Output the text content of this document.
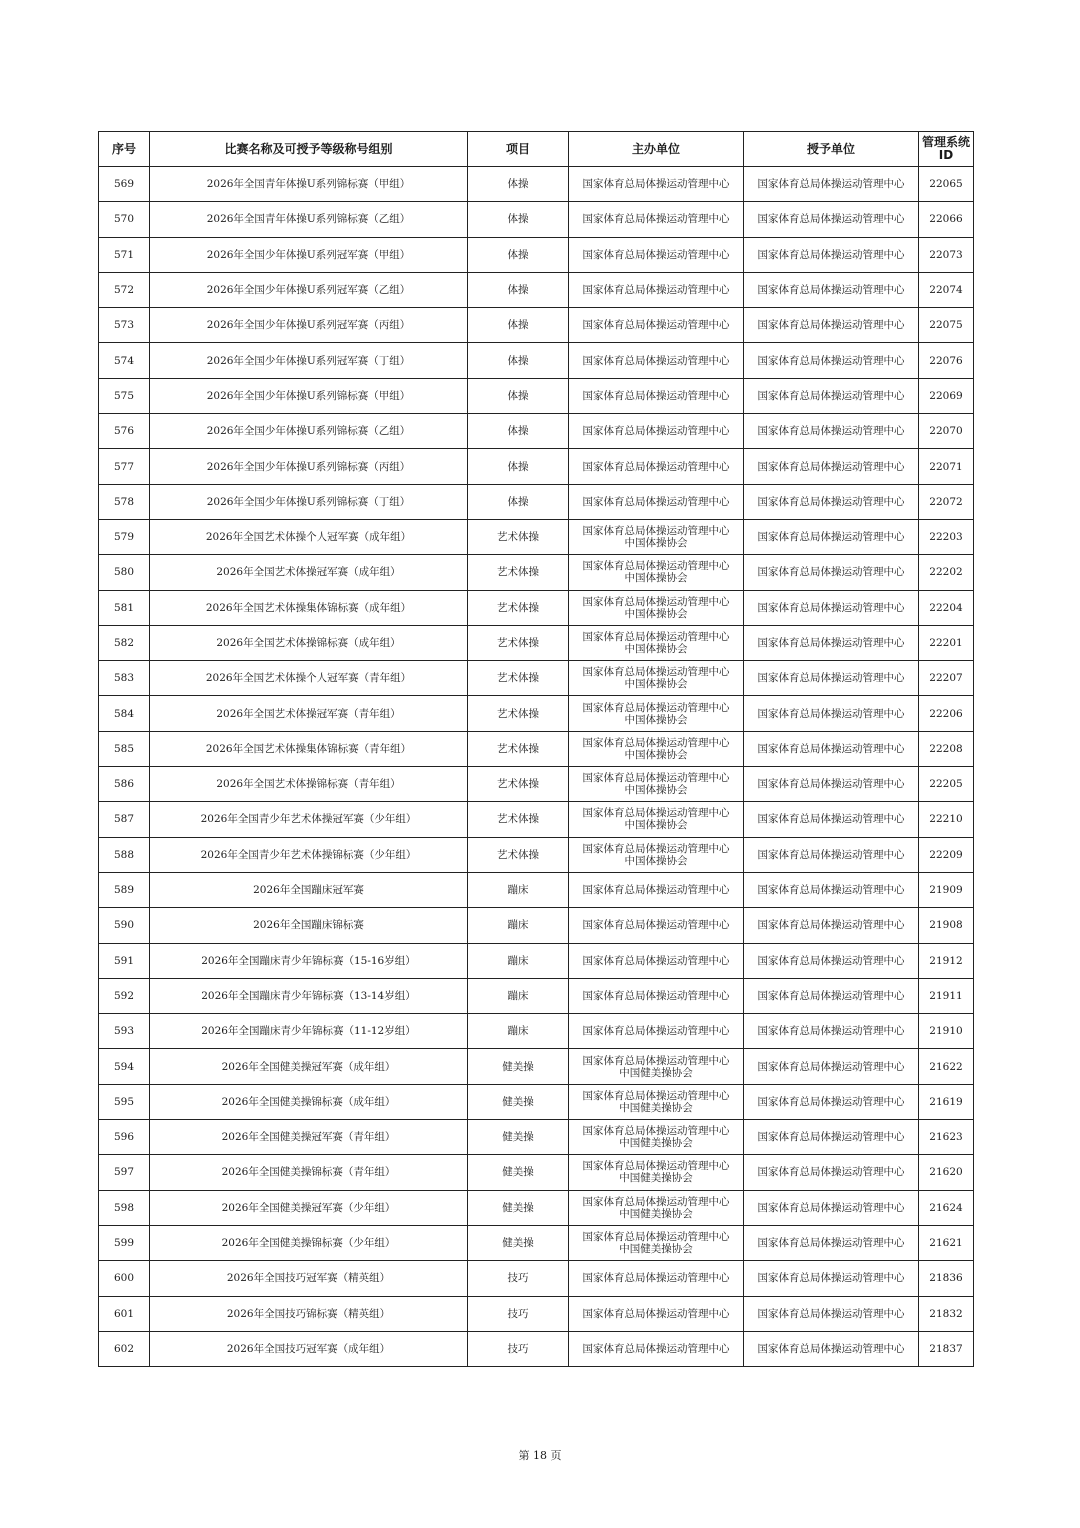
序号	比赛名称及可授予等级称号组别	项目	主办单位	授予单位	管理系统
ID

569	2026年全国青年体操U系列锦标赛（甲组）	体操	国家体育总局体操运动管理中心	国家体育总局体操运动管理中心	22065
570	2026年全国青年体操U系列锦标赛（乙组）	体操	国家体育总局体操运动管理中心	国家体育总局体操运动管理中心	22066
571	2026年全国少年体操U系列冠军赛（甲组）	体操	国家体育总局体操运动管理中心	国家体育总局体操运动管理中心	22073
572	2026年全国少年体操U系列冠军赛（乙组）	体操	国家体育总局体操运动管理中心	国家体育总局体操运动管理中心	22074
573	2026年全国少年体操U系列冠军赛（丙组）	体操	国家体育总局体操运动管理中心	国家体育总局体操运动管理中心	22075
574	2026年全国少年体操U系列冠军赛（丁组）	体操	国家体育总局体操运动管理中心	国家体育总局体操运动管理中心	22076
575	2026年全国少年体操U系列锦标赛（甲组）	体操	国家体育总局体操运动管理中心	国家体育总局体操运动管理中心	22069
576	2026年全国少年体操U系列锦标赛（乙组）	体操	国家体育总局体操运动管理中心	国家体育总局体操运动管理中心	22070
577	2026年全国少年体操U系列锦标赛（丙组）	体操	国家体育总局体操运动管理中心	国家体育总局体操运动管理中心	22071
578	2026年全国少年体操U系列锦标赛（丁组）	体操	国家体育总局体操运动管理中心	国家体育总局体操运动管理中心	22072
579	2026年全国艺术体操个人冠军赛（成年组）	艺术体操	国家体育总局体操运动管理中心
中国体操协会	国家体育总局体操运动管理中心	22203
580	2026年全国艺术体操冠军赛（成年组）	艺术体操	国家体育总局体操运动管理中心
中国体操协会	国家体育总局体操运动管理中心	22202
581	2026年全国艺术体操集体锦标赛（成年组）	艺术体操	国家体育总局体操运动管理中心
中国体操协会	国家体育总局体操运动管理中心	22204
582	2026年全国艺术体操锦标赛（成年组）	艺术体操	国家体育总局体操运动管理中心
中国体操协会	国家体育总局体操运动管理中心	22201
583	2026年全国艺术体操个人冠军赛（青年组）	艺术体操	国家体育总局体操运动管理中心
中国体操协会	国家体育总局体操运动管理中心	22207
584	2026年全国艺术体操冠军赛（青年组）	艺术体操	国家体育总局体操运动管理中心
中国体操协会	国家体育总局体操运动管理中心	22206
585	2026年全国艺术体操集体锦标赛（青年组）	艺术体操	国家体育总局体操运动管理中心
中国体操协会	国家体育总局体操运动管理中心	22208
586	2026年全国艺术体操锦标赛（青年组）	艺术体操	国家体育总局体操运动管理中心
中国体操协会	国家体育总局体操运动管理中心	22205
587	2026年全国青少年艺术体操冠军赛（少年组）	艺术体操	国家体育总局体操运动管理中心
中国体操协会	国家体育总局体操运动管理中心	22210
588	2026年全国青少年艺术体操锦标赛（少年组）	艺术体操	国家体育总局体操运动管理中心
中国体操协会	国家体育总局体操运动管理中心	22209
589	2026年全国蹦床冠军赛	蹦床	国家体育总局体操运动管理中心	国家体育总局体操运动管理中心	21909
590	2026年全国蹦床锦标赛	蹦床	国家体育总局体操运动管理中心	国家体育总局体操运动管理中心	21908
591	2026年全国蹦床青少年锦标赛（15-16岁组）	蹦床	国家体育总局体操运动管理中心	国家体育总局体操运动管理中心	21912
592	2026年全国蹦床青少年锦标赛（13-14岁组）	蹦床	国家体育总局体操运动管理中心	国家体育总局体操运动管理中心	21911
593	2026年全国蹦床青少年锦标赛（11-12岁组）	蹦床	国家体育总局体操运动管理中心	国家体育总局体操运动管理中心	21910
594	2026年全国健美操冠军赛（成年组）	健美操	国家体育总局体操运动管理中心
中国健美操协会	国家体育总局体操运动管理中心	21622
595	2026年全国健美操锦标赛（成年组）	健美操	国家体育总局体操运动管理中心
中国健美操协会	国家体育总局体操运动管理中心	21619
596	2026年全国健美操冠军赛（青年组）	健美操	国家体育总局体操运动管理中心
中国健美操协会	国家体育总局体操运动管理中心	21623
597	2026年全国健美操锦标赛（青年组）	健美操	国家体育总局体操运动管理中心
中国健美操协会	国家体育总局体操运动管理中心	21620
598	2026年全国健美操冠军赛（少年组）	健美操	国家体育总局体操运动管理中心
中国健美操协会	国家体育总局体操运动管理中心	21624
599	2026年全国健美操锦标赛（少年组）	健美操	国家体育总局体操运动管理中心
中国健美操协会	国家体育总局体操运动管理中心	21621
600	2026年全国技巧冠军赛（精英组）	技巧	国家体育总局体操运动管理中心	国家体育总局体操运动管理中心	21836
601	2026年全国技巧锦标赛（精英组）	技巧	国家体育总局体操运动管理中心	国家体育总局体操运动管理中心	21832
602	2026年全国技巧冠军赛（成年组）	技巧	国家体育总局体操运动管理中心	国家体育总局体操运动管理中心	21837
第 18 页
